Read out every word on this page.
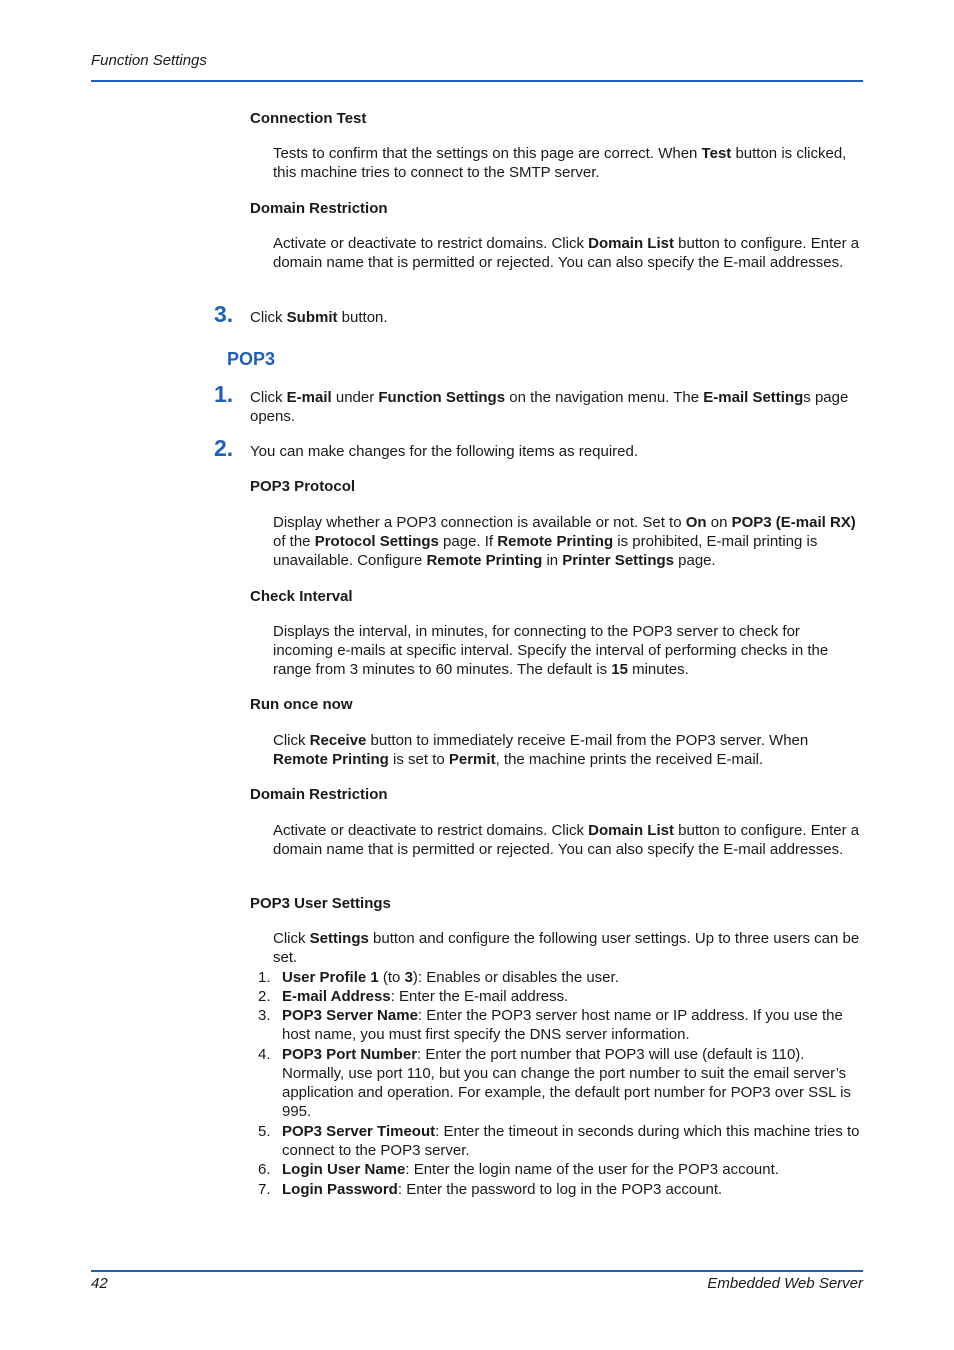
Function Settings
Connection Test
Tests to confirm that the settings on this page are correct. When Test button is clicked, this machine tries to connect to the SMTP server.
Domain Restriction
Activate or deactivate to restrict domains. Click Domain List button to configure. Enter a domain name that is permitted or rejected. You can also specify the E-mail addresses.
3. Click Submit button.
POP3
1. Click E-mail under Function Settings on the navigation menu. The E-mail Settings page opens.
2. You can make changes for the following items as required.
POP3 Protocol
Display whether a POP3 connection is available or not. Set to On on POP3 (E-mail RX) of the Protocol Settings page. If Remote Printing is prohibited, E-mail printing is unavailable. Configure Remote Printing in Printer Settings page.
Check Interval
Displays the interval, in minutes, for connecting to the POP3 server to check for incoming e-mails at specific interval. Specify the interval of performing checks in the range from 3 minutes to 60 minutes. The default is 15 minutes.
Run once now
Click Receive button to immediately receive E-mail from the POP3 server. When Remote Printing is set to Permit, the machine prints the received E-mail.
Domain Restriction
Activate or deactivate to restrict domains. Click Domain List button to configure. Enter a domain name that is permitted or rejected. You can also specify the E-mail addresses.
POP3 User Settings
Click Settings button and configure the following user settings. Up to three users can be set.
1. User Profile 1 (to 3): Enables or disables the user.
2. E-mail Address: Enter the E-mail address.
3. POP3 Server Name: Enter the POP3 server host name or IP address. If you use the host name, you must first specify the DNS server information.
4. POP3 Port Number: Enter the port number that POP3 will use (default is 110). Normally, use port 110, but you can change the port number to suit the email server’s application and operation. For example, the default port number for POP3 over SSL is 995.
5. POP3 Server Timeout: Enter the timeout in seconds during which this machine tries to connect to the POP3 server.
6. Login User Name: Enter the login name of the user for the POP3 account.
7. Login Password: Enter the password to log in the POP3 account.
42	Embedded Web Server
